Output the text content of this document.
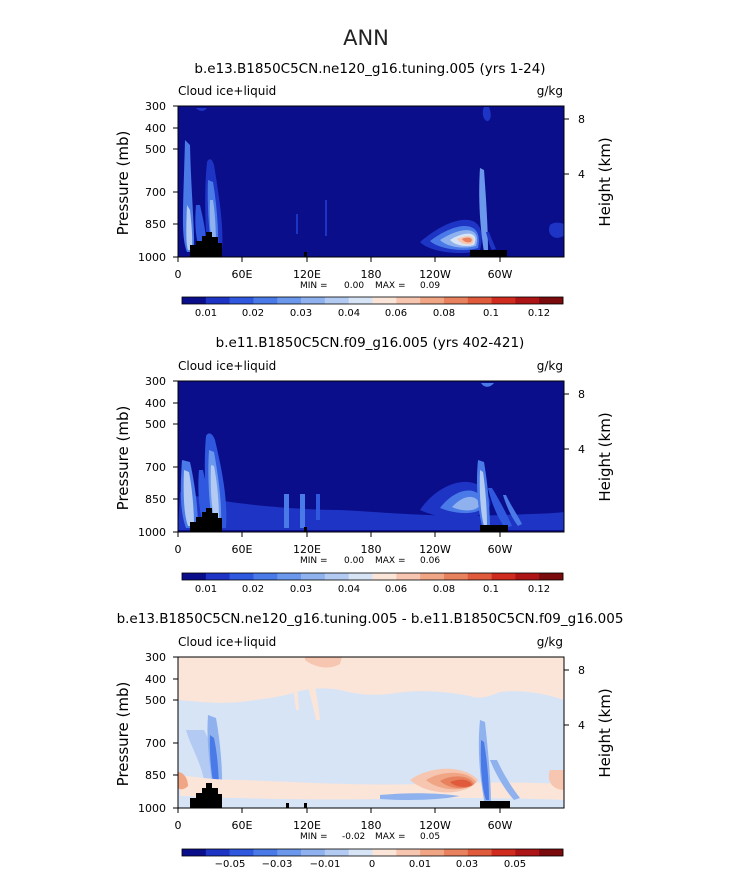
ANN
b.e13.B1850C5CN.ne120_g16.tuning.005 (yrs 1-24)
Cloud ice+liquid	g/kg
300
400
500
700
850
1000
Pressure (mb)
8
4 Height (km)
0	60E	120E	180	120W	60W
MIN = 0.00 MAX = 0.09
0.01 0.02	0.03	0.04 0.06	0.08	0.1	0.12
b.e11.B1850C5CN.f09_g16.005 (yrs 402-421)
Cloud ice+liquid	g/kg
300
400
500
700
850
1000
Pressure (mb)
8
4 Height (km)
0	60E	120E	180	120W	60W
MIN = 0.00 MAX = 0.06
0.01 0.02	0.03	0.04 0.06	0.08	0.1	0.12
b.e13.B1850C5CN.ne120_g16.tuning.005 - b.e11.B1850C5CN.f09_g16.005
Cloud ice+liquid	g/kg
300
400
500
700
850
1000
Pressure (mb)
8
4 Height (km)
0	60E	120E	180	120W	60W
MIN = -0.02 MAX = 0.05
−0.05 −0.03 −0.01	0	0.01 0.03	0.05
